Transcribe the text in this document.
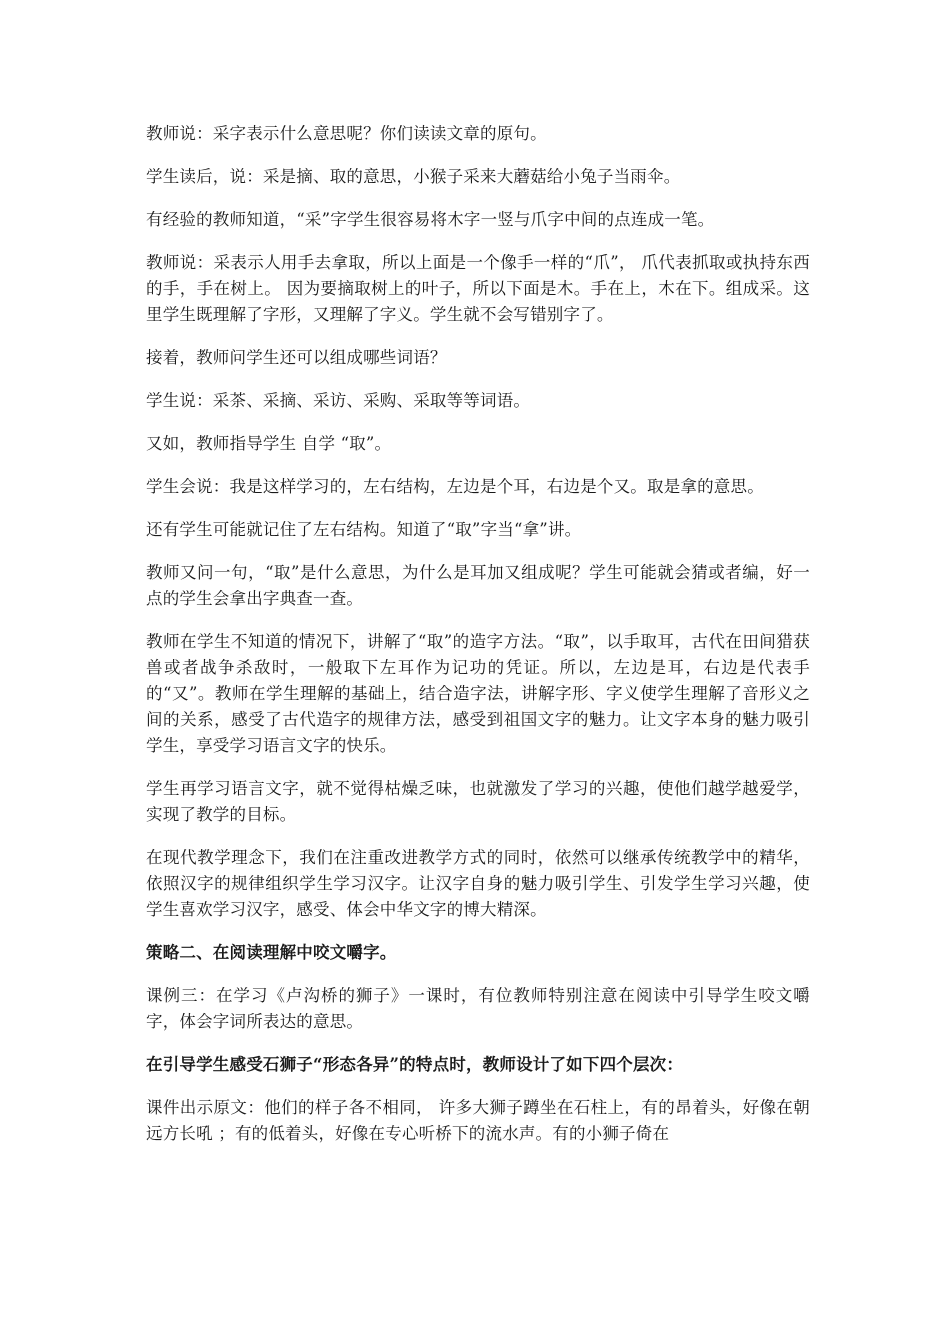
教师说：采字表示什么意思呢？你们读读文章的原句。

学生读后，说：采是摘、取的意思，小猴子采来大蘑菇给小兔子当雨伞。

有经验的教师知道，“采”字学生很容易将木字一竖与爪字中间的点连成一笔。

教师说：采表示人用手去拿取，所以上面是一个像手一样的“爪”， 爪代表抓取或执持东西的手，手在树上。 因为要摘取树上的叶子，所以下面是木。手在上，木在下。组成采。这里学生既理解了字形，又理解了字义。学生就不会写错别字了。

接着，教师问学生还可以组成哪些词语？

学生说：采茶、采摘、采访、采购、采取等等词语。

又如，教师指导学生 自学 “取”。

学生会说：我是这样学习的，左右结构，左边是个耳，右边是个又。取是拿的意思。

还有学生可能就记住了左右结构。知道了“取”字当“拿”讲。

教师又问一句，“取”是什么意思，为什么是耳加又组成呢？学生可能就会猜或者编，好一点的学生会拿出字典查一查。

教师在学生不知道的情况下，讲解了“取”的造字方法。“取”，以手取耳，古代在田间猎获兽或者战争杀敌时，一般取下左耳作为记功的凭证。所以，左边是耳，右边是代表手的“又”。教师在学生理解的基础上，结合造字法，讲解字形、字义使学生理解了音形义之间的关系，感受了古代造字的规律方法，感受到祖国文字的魅力。让文字本身的魅力吸引学生，享受学习语言文字的快乐。

学生再学习语言文字，就不觉得枯燥乏味，也就激发了学习的兴趣，使他们越学越爱学，实现了教学的目标。

在现代教学理念下，我们在注重改进教学方式的同时，依然可以继承传统教学中的精华，依照汉字的规律组织学生学习汉字。让汉字自身的魅力吸引学生、引发学生学习兴趣，使学生喜欢学习汉字，感受、体会中华文字的博大精深。

策略二、在阅读理解中咬文嚼字。

课例三：在学习《卢沟桥的狮子》一课时，有位教师特别注意在阅读中引导学生咬文嚼字，体会字词所表达的意思。

在引导学生感受石狮子“形态各异”的特点时，教师设计了如下四个层次：

课件出示原文：他们的样子各不相同， 许多大狮子蹲坐在石柱上，有的昂着头，好像在朝远方长吼 ；有的低着头，好像在专心听桥下的流水声。有的小狮子倚在
